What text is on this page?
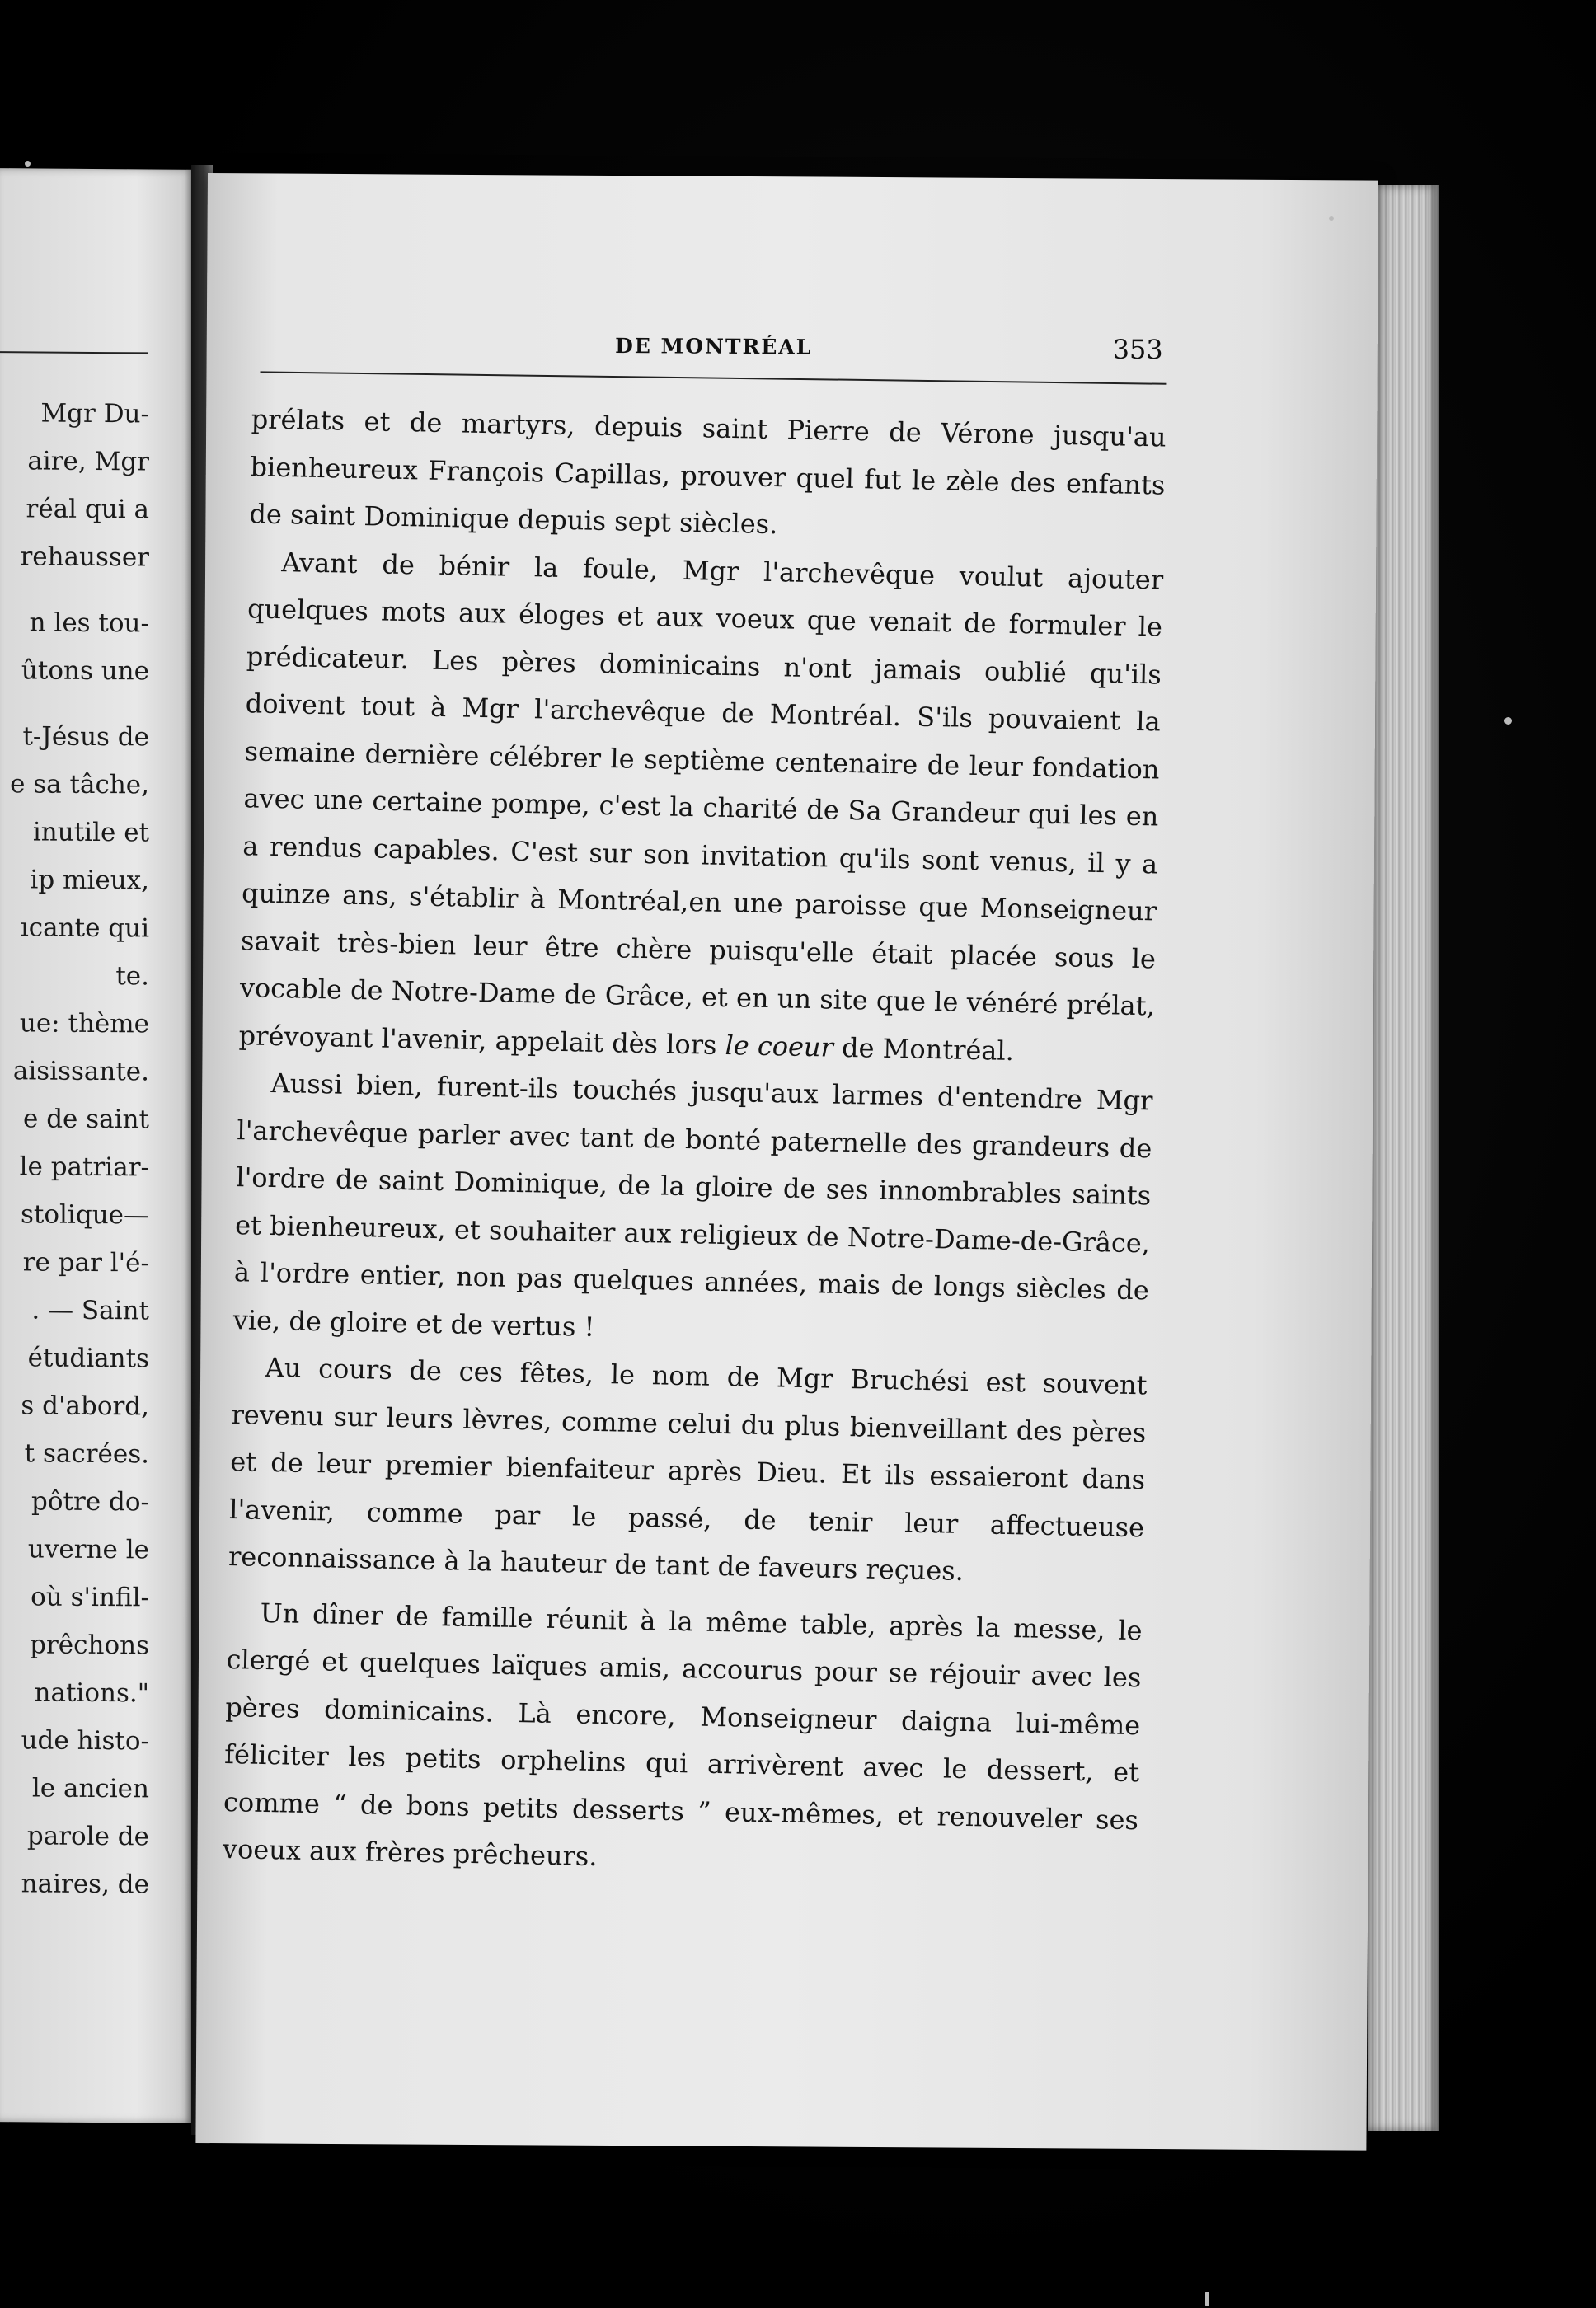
Mgr Du-
aire, Mgr
réal qui a
rehausser
n les tou-
ûtons une
t-Jésus de
e sa tâche,
inutile et
ip mieux,
ıcante qui
te.
ue: thème
aisissante.
e de saint
le patriar-
stolique—
re par l'é-
. — Saint
étudiants
s d'abord,
t sacrées.
pôtre do-
uverne le
où s'infil-
prêchons
nations."
ude histo-
le ancien
parole de
naires, de
DE MONTRÉAL	353

prélats et de martyrs, depuis saint Pierre de Vérone jusqu'au bienheureux François Capillas, prouver quel fut le zèle des enfants de saint Dominique depuis sept siècles.

Avant de bénir la foule, Mgr l'archevêque voulut ajouter quelques mots aux éloges et aux voeux que venait de formuler le prédicateur. Les pères dominicains n'ont jamais oublié qu'ils doivent tout à Mgr l'archevêque de Montréal. S'ils pouvaient la semaine dernière célébrer le septième centenaire de leur fondation avec une certaine pompe, c'est la charité de Sa Grandeur qui les en a rendus capables. C'est sur son invitation qu'ils sont venus, il y a quinze ans, s'établir à Montréal,en une paroisse que Monseigneur savait très-bien leur être chère puisqu'elle était placée sous le vocable de Notre-Dame de Grâce, et en un site que le vénéré prélat, prévoyant l'avenir, appelait dès lors le coeur de Montréal.

Aussi bien, furent-ils touchés jusqu'aux larmes d'entendre Mgr l'archevêque parler avec tant de bonté paternelle des grandeurs de l'ordre de saint Dominique, de la gloire de ses innombrables saints et bienheureux, et souhaiter aux religieux de Notre-Dame-de-Grâce, à l'ordre entier, non pas quelques années, mais de longs siècles de vie, de gloire et de vertus !

Au cours de ces fêtes, le nom de Mgr Bruchési est souvent revenu sur leurs lèvres, comme celui du plus bienveillant des pères et de leur premier bienfaiteur après Dieu. Et ils essaieront dans l'avenir, comme par le passé, de tenir leur affectueuse reconnaissance à la hauteur de tant de faveurs reçues.

Un dîner de famille réunit à la même table, après la messe, le clergé et quelques laïques amis, accourus pour se réjouir avec les pères dominicains. Là encore, Monseigneur daigna lui-même féliciter les petits orphelins qui arrivèrent avec le dessert, et comme “ de bons petits desserts ” eux-mêmes, et renouveler ses voeux aux frères prêcheurs.
